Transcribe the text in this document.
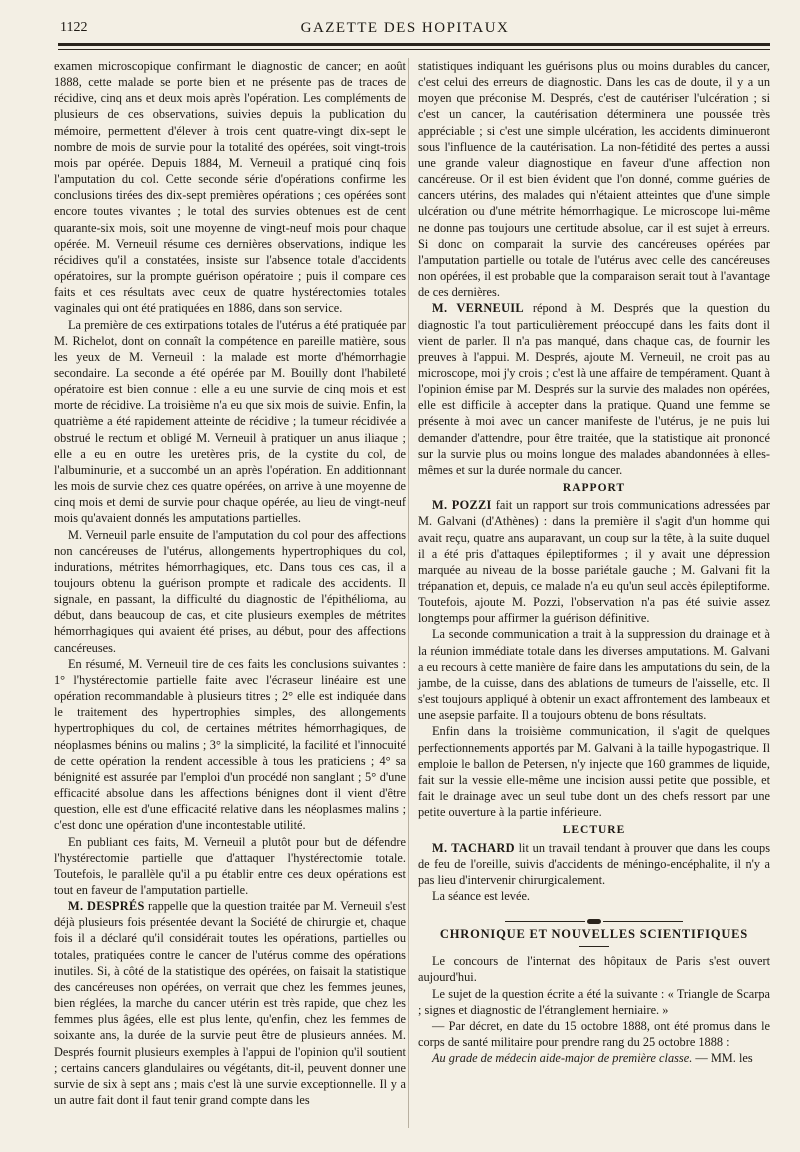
1122	GAZETTE DES HOPITAUX

examen microscopique confirmant le diagnostic de cancer; en août 1888, cette malade se porte bien et ne présente pas de traces de récidive, cinq ans et deux mois après l'opération. Les compléments de plusieurs de ces observations, suivies depuis la publication du mémoire, permettent d'élever à trois cent quatre-vingt dix-sept le nombre de mois de survie pour la totalité des opérées, soit vingt-trois mois par opérée. Depuis 1884, M. Verneuil a pratiqué cinq fois l'amputation du col. Cette seconde série d'opérations confirme les conclusions tirées des dix-sept premières opérations ; ces opérées sont encore toutes vivantes ; le total des survies obtenues est de cent quarante-six mois, soit une moyenne de vingt-neuf mois pour chaque opérée. M. Verneuil résume ces dernières observations, indique les récidives qu'il a constatées, insiste sur l'absence totale d'accidents opératoires, sur la prompte guérison opératoire ; puis il compare ces faits et ces résultats avec ceux de quatre hystérectomies totales vaginales qui ont été pratiquées en 1886, dans son service.

La première de ces extirpations totales de l'utérus a été pratiquée par M. Richelot, dont on connaît la compétence en pareille matière, sous les yeux de M. Verneuil : la malade est morte d'hémorrhagie secondaire. La seconde a été opérée par M. Bouilly dont l'habileté opératoire est bien connue : elle a eu une survie de cinq mois et est morte de récidive. La troisième n'a eu que six mois de suivie. Enfin, la quatrième a été rapidement atteinte de récidive ; la tumeur récidivée a obstrué le rectum et obligé M. Verneuil à pratiquer un anus iliaque ; elle a eu en outre les uretères pris, de la cystite du col, de l'albuminurie, et a succombé un an après l'opération. En additionnant les mois de survie chez ces quatre opérées, on arrive à une moyenne de cinq mois et demi de survie pour chaque opérée, au lieu de vingt-neuf mois qu'avaient donnés les amputations partielles.

M. Verneuil parle ensuite de l'amputation du col pour des affections non cancéreuses de l'utérus, allongements hypertrophiques du col, indurations, métrites hémorrhagiques, etc. Dans tous ces cas, il a toujours obtenu la guérison prompte et radicale des accidents. Il signale, en passant, la difficulté du diagnostic de l'épithélioma, au début, dans beaucoup de cas, et cite plusieurs exemples de métrites hémorrhagiques qui avaient été prises, au début, pour des affections cancéreuses.

En résumé, M. Verneuil tire de ces faits les conclusions suivantes : 1° l'hystérectomie partielle faite avec l'écraseur linéaire est une opération recommandable à plusieurs titres ; 2° elle est indiquée dans le traitement des hypertrophies simples, des allongements hypertrophiques du col, de certaines métrites hémorrhagiques, de néoplasmes bénins ou malins ; 3° la simplicité, la facilité et l'innocuité de cette opération la rendent accessible à tous les praticiens ; 4° sa bénignité est assurée par l'emploi d'un procédé non sanglant ; 5° d'une efficacité absolue dans les affections bénignes dont il vient d'être question, elle est d'une efficacité relative dans les néoplasmes malins ; c'est donc une opération d'une incontestable utilité.

En publiant ces faits, M. Verneuil a plutôt pour but de défendre l'hystérectomie partielle que d'attaquer l'hystérectomie totale. Toutefois, le parallèle qu'il a pu établir entre ces deux opérations est tout en faveur de l'amputation partielle.

M. DESPRÉS rappelle que la question traitée par M. Verneuil s'est déjà plusieurs fois présentée devant la Société de chirurgie et, chaque fois il a déclaré qu'il considérait toutes les opérations, partielles ou totales, pratiquées contre le cancer de l'utérus comme des opérations inutiles. Si, à côté de la statistique des opérées, on faisait la statistique des cancéreuses non opérées, on verrait que chez les femmes jeunes, bien réglées, la marche du cancer utérin est très rapide, que chez les femmes plus âgées, elle est plus lente, qu'enfin, chez les femmes de soixante ans, la durée de la survie peut être de plusieurs années. M. Després fournit plusieurs exemples à l'appui de l'opinion qu'il soutient ; certains cancers glandulaires ou végétants, dit-il, peuvent donner une survie de six à sept ans ; mais c'est là une survie exceptionnelle. Il y a un autre fait dont il faut tenir grand compte dans les

statistiques indiquant les guérisons plus ou moins durables du cancer, c'est celui des erreurs de diagnostic. Dans les cas de doute, il y a un moyen que préconise M. Després, c'est de cautériser l'ulcération ; si c'est un cancer, la cautérisation déterminera une poussée très appréciable ; si c'est une simple ulcération, les accidents diminueront sous l'influence de la cautérisation. La non-fétidité des pertes a aussi une grande valeur diagnostique en faveur d'une affection non cancéreuse. Or il est bien évident que l'on donné, comme guéries de cancers utérins, des malades qui n'étaient atteintes que d'une simple ulcération ou d'une métrite hémorrhagique. Le microscope lui-même ne donne pas toujours une certitude absolue, car il est sujet à erreurs. Si donc on comparait la survie des cancéreuses opérées par l'amputation partielle ou totale de l'utérus avec celle des cancéreuses non opérées, il est probable que la comparaison serait tout à l'avantage de ces dernières.

M. VERNEUIL répond à M. Després que la question du diagnostic l'a tout particulièrement préoccupé dans les faits dont il vient de parler. Il n'a pas manqué, dans chaque cas, de fournir les preuves à l'appui. M. Després, ajoute M. Verneuil, ne croit pas au microscope, moi j'y crois ; c'est là une affaire de tempérament. Quant à l'opinion émise par M. Després sur la survie des malades non opérées, elle est difficile à accepter dans la pratique. Quand une femme se présente à moi avec un cancer manifeste de l'utérus, je ne puis lui demander d'attendre, pour être traitée, que la statistique ait prononcé sur la survie plus ou moins longue des malades abandonnées à elles-mêmes et sur la durée normale du cancer.

RAPPORT

M. POZZI fait un rapport sur trois communications adressées par M. Galvani (d'Athènes) : dans la première il s'agit d'un homme qui avait reçu, quatre ans auparavant, un coup sur la tête, à la suite duquel il a été pris d'attaques épileptiformes ; il y avait une dépression marquée au niveau de la bosse pariétale gauche ; M. Galvani fit la trépanation et, depuis, ce malade n'a eu qu'un seul accès épileptiforme. Toutefois, ajoute M. Pozzi, l'observation n'a pas été suivie assez longtemps pour affirmer la guérison définitive.

La seconde communication a trait à la suppression du drainage et à la réunion immédiate totale dans les diverses amputations. M. Galvani a eu recours à cette manière de faire dans les amputations du sein, de la jambe, de la cuisse, dans des ablations de tumeurs de l'aisselle, etc. Il s'est toujours appliqué à obtenir un exact affrontement des lambeaux et une asepsie parfaite. Il a toujours obtenu de bons résultats.

Enfin dans la troisième communication, il s'agit de quelques perfectionnements apportés par M. Galvani à la taille hypogastrique. Il emploie le ballon de Petersen, n'y injecte que 160 grammes de liquide, fait sur la vessie elle-même une incision aussi petite que possible, et fait le drainage avec un seul tube dont un des chefs ressort par une petite ouverture à la partie inférieure.

LECTURE

M. TACHARD lit un travail tendant à prouver que dans les coups de feu de l'oreille, suivis d'accidents de méningo-encéphalite, il n'y a pas lieu d'intervenir chirurgicalement.

La séance est levée.

CHRONIQUE ET NOUVELLES SCIENTIFIQUES

Le concours de l'internat des hôpitaux de Paris s'est ouvert aujourd'hui.

Le sujet de la question écrite a été la suivante : « Triangle de Scarpa ; signes et diagnostic de l'étranglement herniaire. »

— Par décret, en date du 15 octobre 1888, ont été promus dans le corps de santé militaire pour prendre rang du 25 octobre 1888 :

Au grade de médecin aide-major de première classe. — MM. les
